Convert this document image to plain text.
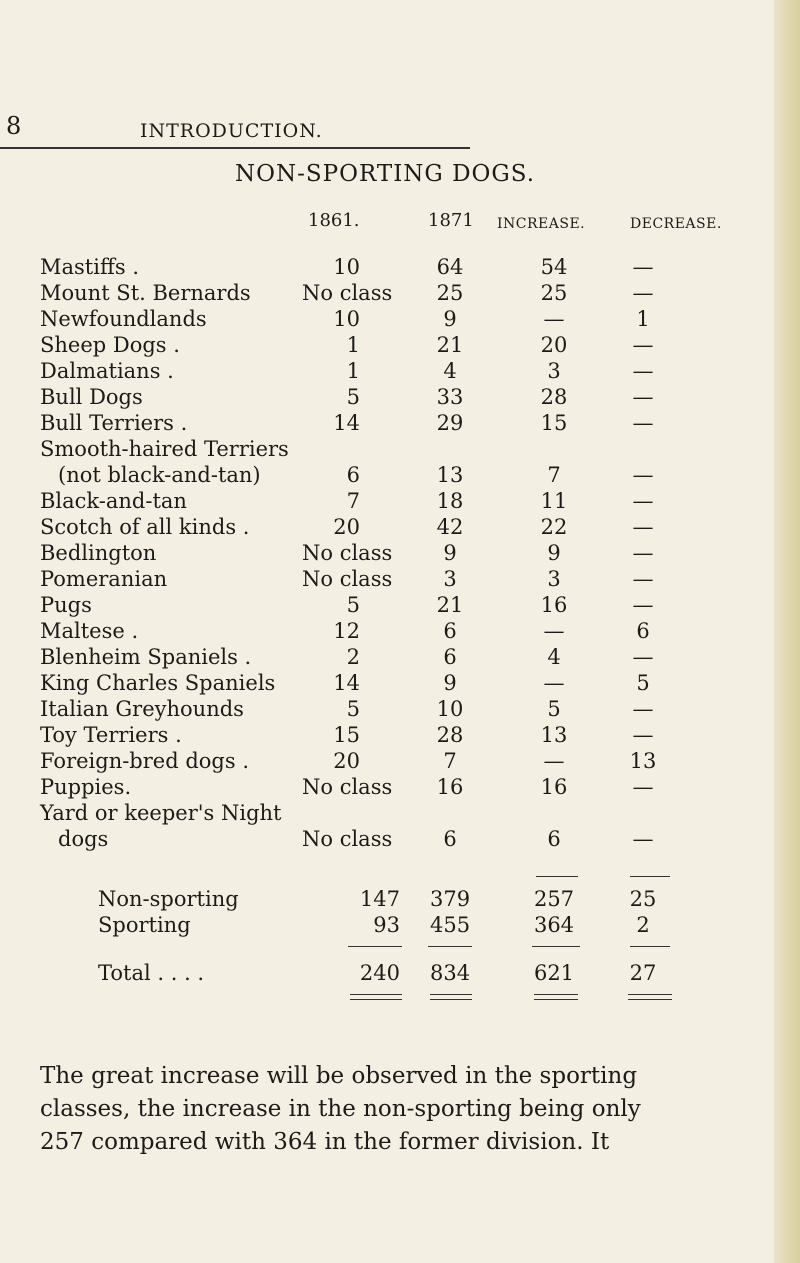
8	INTRODUCTION.
NON-SPORTING DOGS.
1861.	1871 INCREASE.	DECREASE.
Mastiffs .	10	64	54	—
Mount St. Bernards No class	25	25	—
Newfoundlands	10	9	—	1
Sheep Dogs .	1	21	20	—
Dalmatians .	1	4	3	—
Bull Dogs	5	33	28	—
Bull Terriers .	14	29	15	—
Smooth-haired Terriers
(not black-and-tan)	6	13	7	—
Black-and-tan	7	18	11	—
Scotch of all kinds .	20	42	22	—
Bedlington	No class	9	9	—
Pomeranian	No class	3	3	—
Pugs	5	21	16	—
Maltese .	12	6	—	6
Blenheim Spaniels .	2	6	4	—
King Charles Spaniels	14	9	—	5
Italian Greyhounds	5	10	5	—
Toy Terriers .	15	28	13	—
Foreign-bred dogs .	20	7	—	13
Puppies.	No class	16	16	—
Yard or keeper's Night
dogs	No class	6	6	—
Non-sporting	147 379	257	25
Sporting	93 455	364	2
Total . . . .	240 834	621	27
The great increase will be observed in the sporting
classes, the increase in the non-sporting being only
257 compared with 364 in the former division. It
